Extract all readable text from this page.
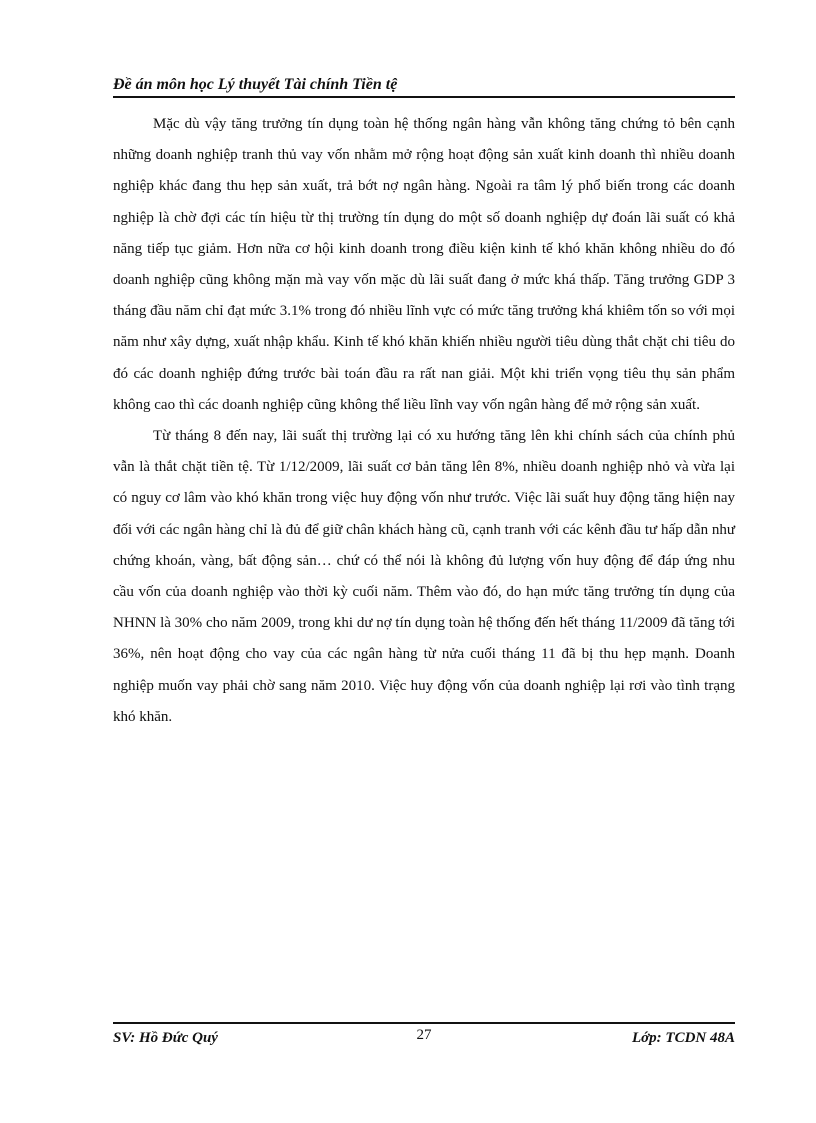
Đề án môn học Lý thuyết Tài chính Tiền tệ

Mặc dù vậy tăng trưởng tín dụng toàn hệ thống ngân hàng vẫn không tăng chứng tỏ bên cạnh những doanh nghiệp tranh thủ vay vốn nhằm mở rộng hoạt động sản xuất kinh doanh thì nhiều doanh nghiệp khác đang thu hẹp sản xuất, trả bớt nợ ngân hàng. Ngoài ra tâm lý phổ biến trong các doanh nghiệp là chờ đợi các tín hiệu từ thị trường tín dụng do một số doanh nghiệp dự đoán lãi suất có khả năng tiếp tục giảm. Hơn nữa cơ hội kinh doanh trong điều kiện kinh tế khó khăn không nhiều do đó doanh nghiệp cũng không mặn mà vay vốn mặc dù lãi suất đang ở mức khá thấp. Tăng trưởng GDP 3 tháng đầu năm chỉ đạt mức 3.1% trong đó nhiều lĩnh vực có mức tăng trưởng khá khiêm tốn so với mọi năm như xây dựng, xuất nhập khẩu. Kinh tế khó khăn khiến nhiều người tiêu dùng thắt chặt chi tiêu do đó các doanh nghiệp đứng trước bài toán đầu ra rất nan giải. Một khi triển vọng tiêu thụ sản phẩm không cao thì các doanh nghiệp cũng không thể liều lĩnh vay vốn ngân hàng để mở rộng sản xuất.

Từ tháng 8 đến nay, lãi suất thị trường lại có xu hướng tăng lên khi chính sách của chính phủ vẫn là thắt chặt tiền tệ. Từ 1/12/2009, lãi suất cơ bản tăng lên 8%, nhiều doanh nghiệp nhỏ và vừa lại có nguy cơ lâm vào khó khăn trong việc huy động vốn như trước. Việc lãi suất huy động tăng hiện nay đối với các ngân hàng chỉ là đủ để giữ chân khách hàng cũ, cạnh tranh với các kênh đầu tư hấp dẫn như chứng khoán, vàng, bất động sản… chứ có thể nói là không đủ lượng vốn huy động để đáp ứng nhu cầu vốn của doanh nghiệp vào thời kỳ cuối năm. Thêm vào đó, do hạn mức tăng trưởng tín dụng của NHNN là 30% cho năm 2009, trong khi dư nợ tín dụng toàn hệ thống đến hết tháng 11/2009 đã tăng tới 36%, nên hoạt động cho vay của các ngân hàng từ nửa cuối tháng 11 đã bị thu hẹp mạnh. Doanh nghiệp muốn vay phải chờ sang năm 2010. Việc huy động vốn của doanh nghiệp lại rơi vào tình trạng khó khăn.

SV: Hồ Đức Quý	27	Lớp: TCDN 48A
